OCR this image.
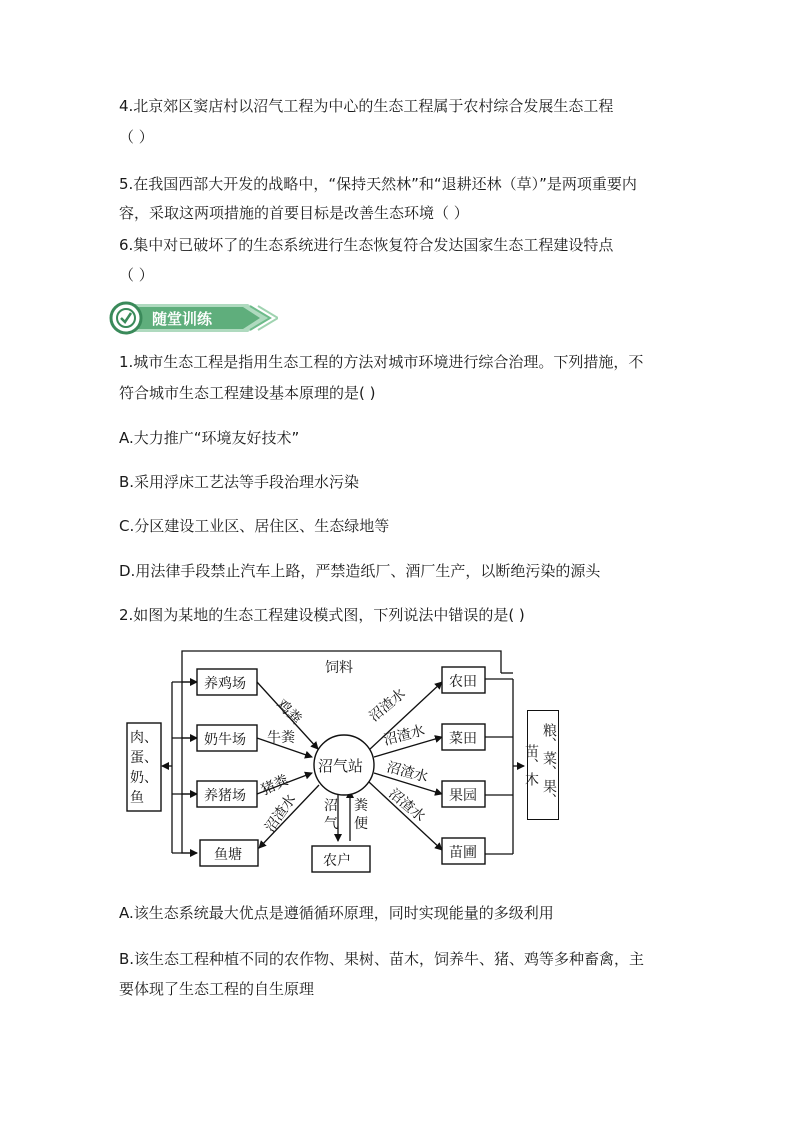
4.北京郊区窦店村以沼气工程为中心的生态工程属于农村综合发展生态工程
（ ）
5.在我国西部大开发的战略中，“保持天然林”和“退耕还林（草）”是两项重要内
容，采取这两项措施的首要目标是改善生态环境（ ）
6.集中对已破坏了的生态系统进行生态恢复符合发达国家生态工程建设特点
（ ）
随堂训练
1.城市生态工程是指用生态工程的方法对城市环境进行综合治理。下列措施，不
符合城市生态工程建设基本原理的是( )
A.大力推广“环境友好技术”
B.采用浮床工艺法等手段治理水污染
C.分区建设工业区、居住区、生态绿地等
D.用法律手段禁止汽车上路，严禁造纸厂、酒厂生产，以断绝污染的源头
2.如图为某地的生态工程建设模式图，下列说法中错误的是( )
饲料
养鸡场
奶牛场
养猪场
鱼塘
沼气站
农田
菜田
果园
苗圃
农户
鸡粪
牛粪
猪粪
沼渣水
沼渣水
沼渣水
沼渣水
沼渣水
沼气
粪便
肉、蛋、奶、鱼	粮、菜、果、苗、木
A.该生态系统最大优点是遵循循环原理，同时实现能量的多级利用
B.该生态工程种植不同的农作物、果树、苗木，饲养牛、猪、鸡等多种畜禽，主
要体现了生态工程的自生原理
